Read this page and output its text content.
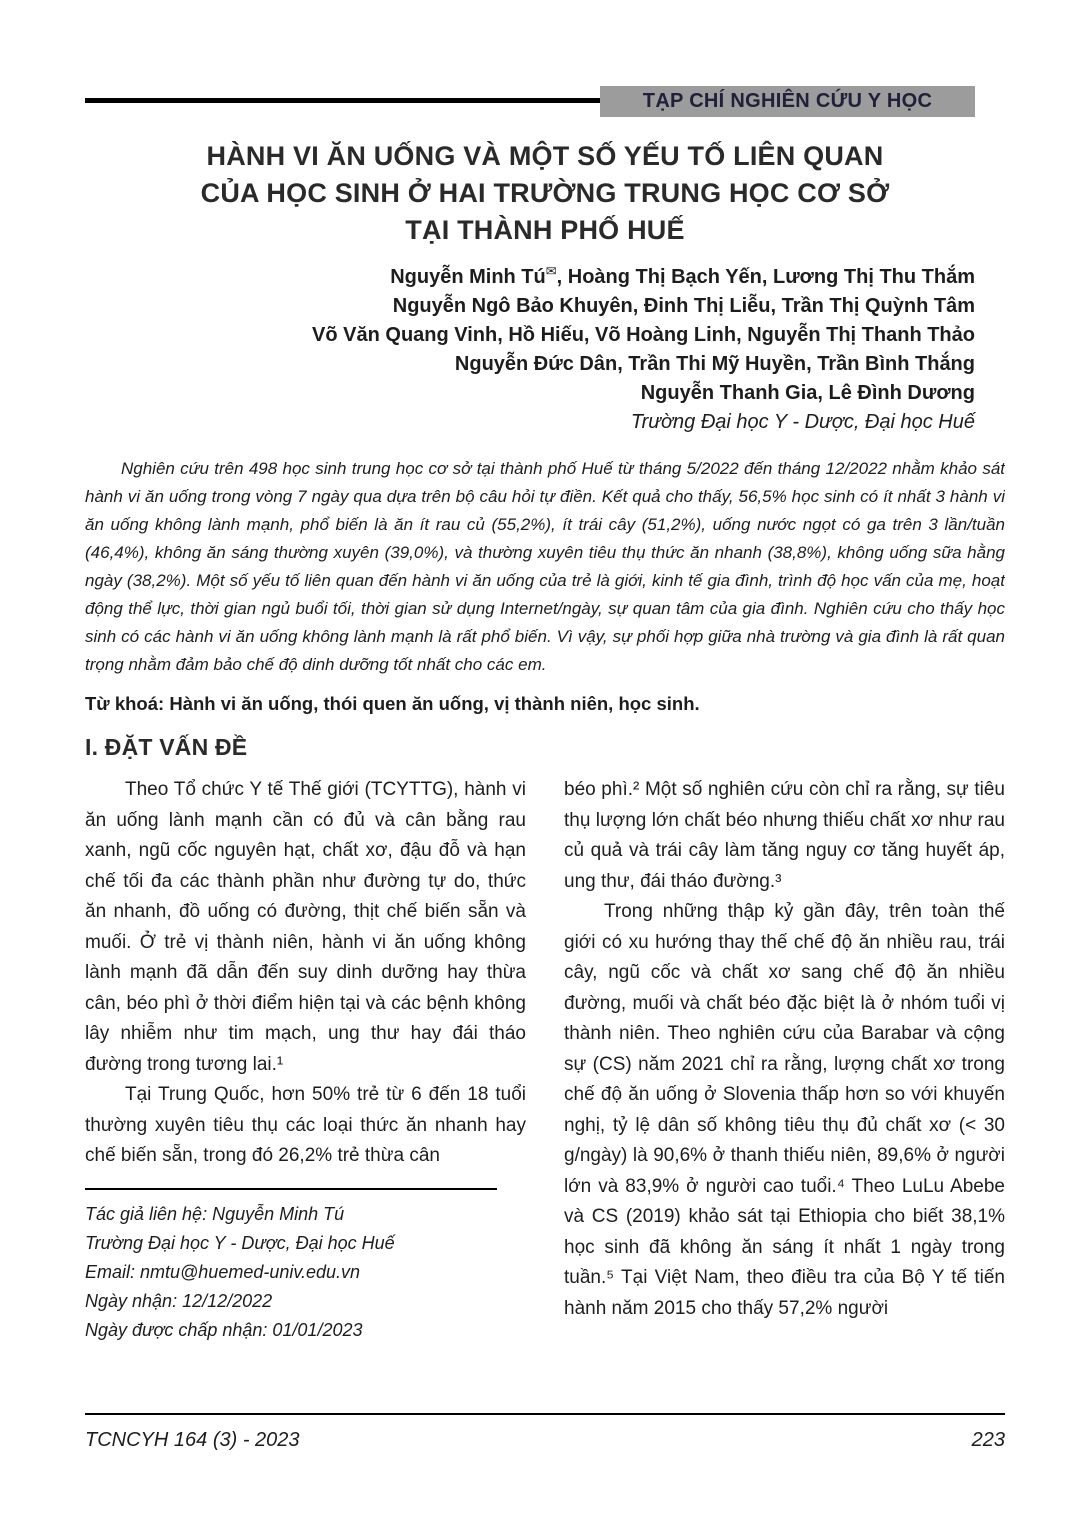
TẠP CHÍ NGHIÊN CỨU Y HỌC
HÀNH VI ĂN UỐNG VÀ MỘT SỐ YẾU TỐ LIÊN QUAN
CỦA HỌC SINH Ở HAI TRƯỜNG TRUNG HỌC CƠ SỞ
TẠI THÀNH PHỐ HUẾ
Nguyễn Minh Tú✉, Hoàng Thị Bạch Yến, Lương Thị Thu Thắm
Nguyễn Ngô Bảo Khuyên, Đinh Thị Liễu, Trần Thị Quỳnh Tâm
Võ Văn Quang Vinh, Hồ Hiếu, Võ Hoàng Linh, Nguyễn Thị Thanh Thảo
Nguyễn Đức Dân, Trần Thi Mỹ Huyền, Trần Bình Thắng
Nguyễn Thanh Gia, Lê Đình Dương
Trường Đại học Y - Dược, Đại học Huế

Nghiên cứu trên 498 học sinh trung học cơ sở tại thành phố Huế từ tháng 5/2022 đến tháng 12/2022 nhằm khảo sát hành vi ăn uống trong vòng 7 ngày qua dựa trên bộ câu hỏi tự điền. Kết quả cho thấy, 56,5% học sinh có ít nhất 3 hành vi ăn uống không lành mạnh, phổ biến là ăn ít rau củ (55,2%), ít trái cây (51,2%), uống nước ngọt có ga trên 3 lần/tuần (46,4%), không ăn sáng thường xuyên (39,0%), và thường xuyên tiêu thụ thức ăn nhanh (38,8%), không uống sữa hằng ngày (38,2%). Một số yếu tố liên quan đến hành vi ăn uống của trẻ là giới, kinh tế gia đình, trình độ học vấn của mẹ, hoạt động thể lực, thời gian ngủ buổi tối, thời gian sử dụng Internet/ngày, sự quan tâm của gia đình. Nghiên cứu cho thấy học sinh có các hành vi ăn uống không lành mạnh là rất phổ biến. Vì vậy, sự phối hợp giữa nhà trường và gia đình là rất quan trọng nhằm đảm bảo chế độ dinh dưỡng tốt nhất cho các em.

Từ khoá: Hành vi ăn uống, thói quen ăn uống, vị thành niên, học sinh.

I. ĐẶT VẤN ĐỀ

Theo Tổ chức Y tế Thế giới (TCYTTG), hành vi ăn uống lành mạnh cần có đủ và cân bằng rau xanh, ngũ cốc nguyên hạt, chất xơ, đậu đỗ và hạn chế tối đa các thành phần như đường tự do, thức ăn nhanh, đồ uống có đường, thịt chế biến sẵn và muối. Ở trẻ vị thành niên, hành vi ăn uống không lành mạnh đã dẫn đến suy dinh dưỡng hay thừa cân, béo phì ở thời điểm hiện tại và các bệnh không lây nhiễm như tim mạch, ung thư hay đái tháo đường trong tương lai.¹

Tại Trung Quốc, hơn 50% trẻ từ 6 đến 18 tuổi thường xuyên tiêu thụ các loại thức ăn nhanh hay chế biến sẵn, trong đó 26,2% trẻ thừa cân

Tác giả liên hệ: Nguyễn Minh Tú
Trường Đại học Y - Dược, Đại học Huế
Email: nmtu@huemed-univ.edu.vn
Ngày nhận: 12/12/2022
Ngày được chấp nhận: 01/01/2023

béo phì.² Một số nghiên cứu còn chỉ ra rằng, sự tiêu thụ lượng lớn chất béo nhưng thiếu chất xơ như rau củ quả và trái cây làm tăng nguy cơ tăng huyết áp, ung thư, đái tháo đường.³

Trong những thập kỷ gần đây, trên toàn thế giới có xu hướng thay thế chế độ ăn nhiều rau, trái cây, ngũ cốc và chất xơ sang chế độ ăn nhiều đường, muối và chất béo đặc biệt là ở nhóm tuổi vị thành niên. Theo nghiên cứu của Barabar và cộng sự (CS) năm 2021 chỉ ra rằng, lượng chất xơ trong chế độ ăn uống ở Slovenia thấp hơn so với khuyến nghị, tỷ lệ dân số không tiêu thụ đủ chất xơ (< 30 g/ngày) là 90,6% ở thanh thiếu niên, 89,6% ở người lớn và 83,9% ở người cao tuổi.⁴ Theo LuLu Abebe và CS (2019) khảo sát tại Ethiopia cho biết 38,1% học sinh đã không ăn sáng ít nhất 1 ngày trong tuần.⁵ Tại Việt Nam, theo điều tra của Bộ Y tế tiến hành năm 2015 cho thấy 57,2% người

TCNCYH 164 (3) - 2023	223
